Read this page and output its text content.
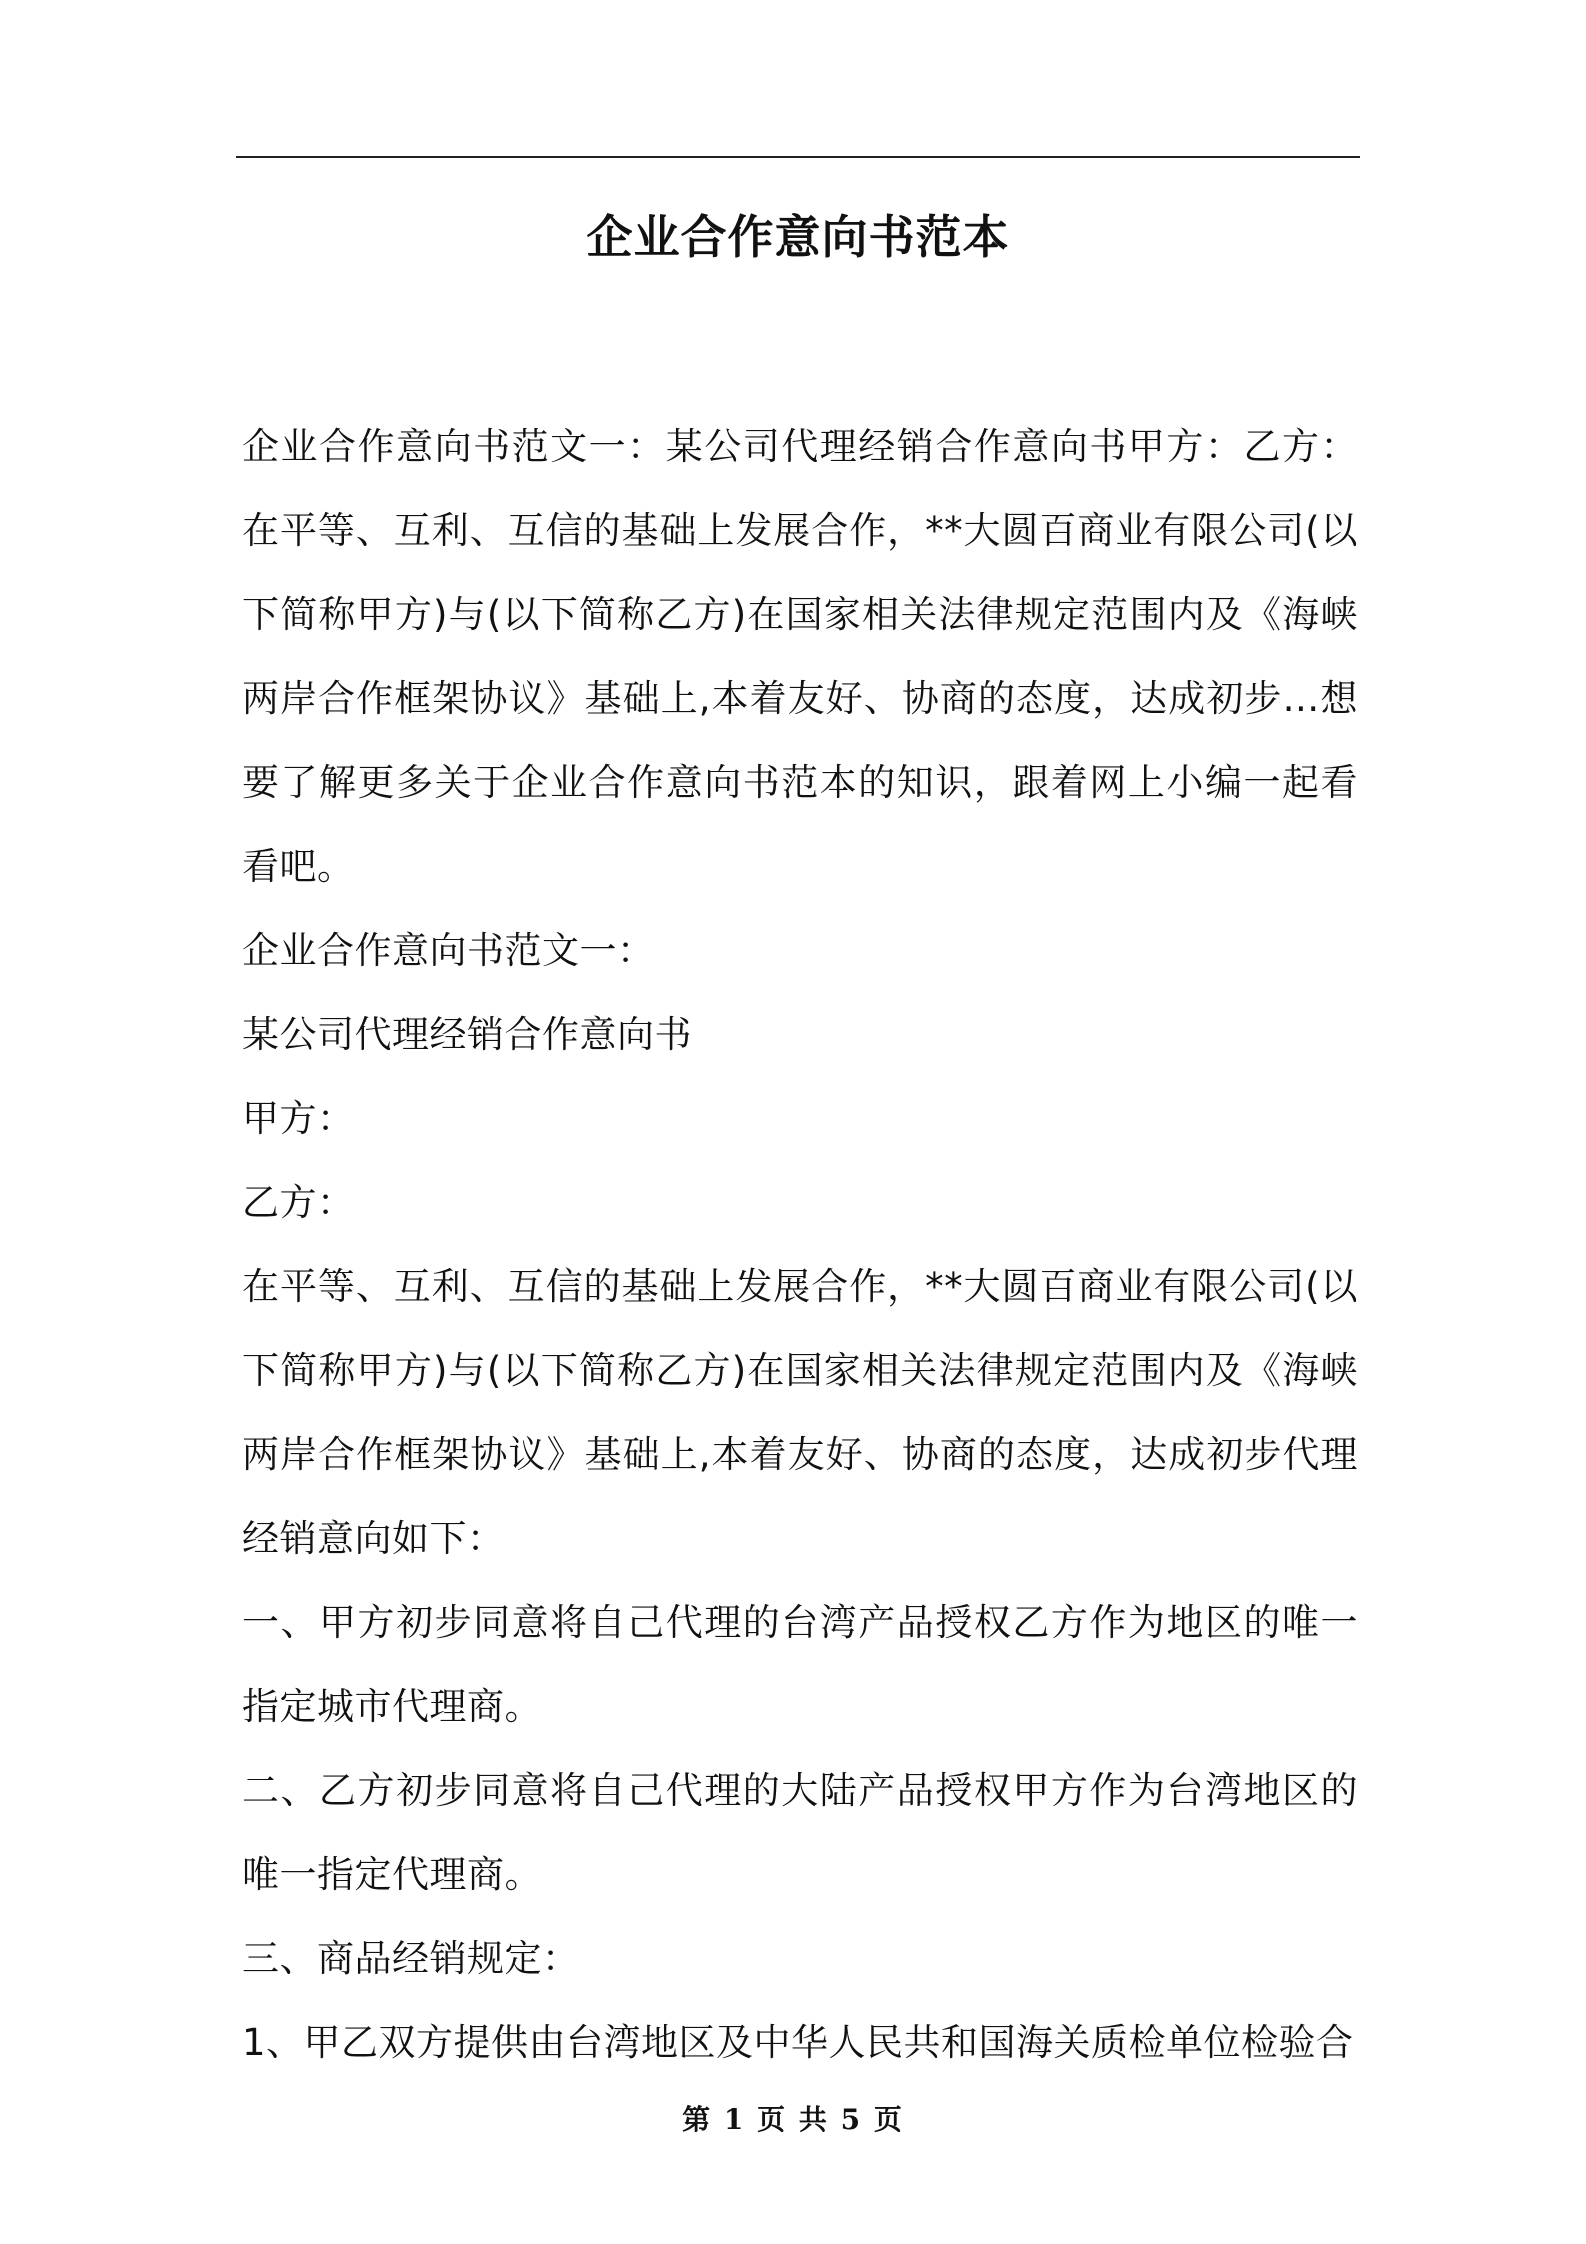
企业合作意向书范本

企业合作意向书范文一：某公司代理经销合作意向书甲方：乙方：在平等、互利、互信的基础上发展合作，**大圆百商业有限公司(以下简称甲方)与(以下简称乙方)在国家相关法律规定范围内及《海峡两岸合作框架协议》基础上,本着友好、协商的态度，达成初步…想要了解更多关于企业合作意向书范本的知识，跟着网上小编一起看看吧。

企业合作意向书范文一：

某公司代理经销合作意向书

甲方：

乙方：

在平等、互利、互信的基础上发展合作，**大圆百商业有限公司(以下简称甲方)与(以下简称乙方)在国家相关法律规定范围内及《海峡两岸合作框架协议》基础上,本着友好、协商的态度，达成初步代理经销意向如下：

一、甲方初步同意将自己代理的台湾产品授权乙方作为地区的唯一指定城市代理商。

二、乙方初步同意将自己代理的大陆产品授权甲方作为台湾地区的唯一指定代理商。

三、商品经销规定：

1、甲乙双方提供由台湾地区及中华人民共和国海关质检单位检验合

第 1 页 共 5 页
